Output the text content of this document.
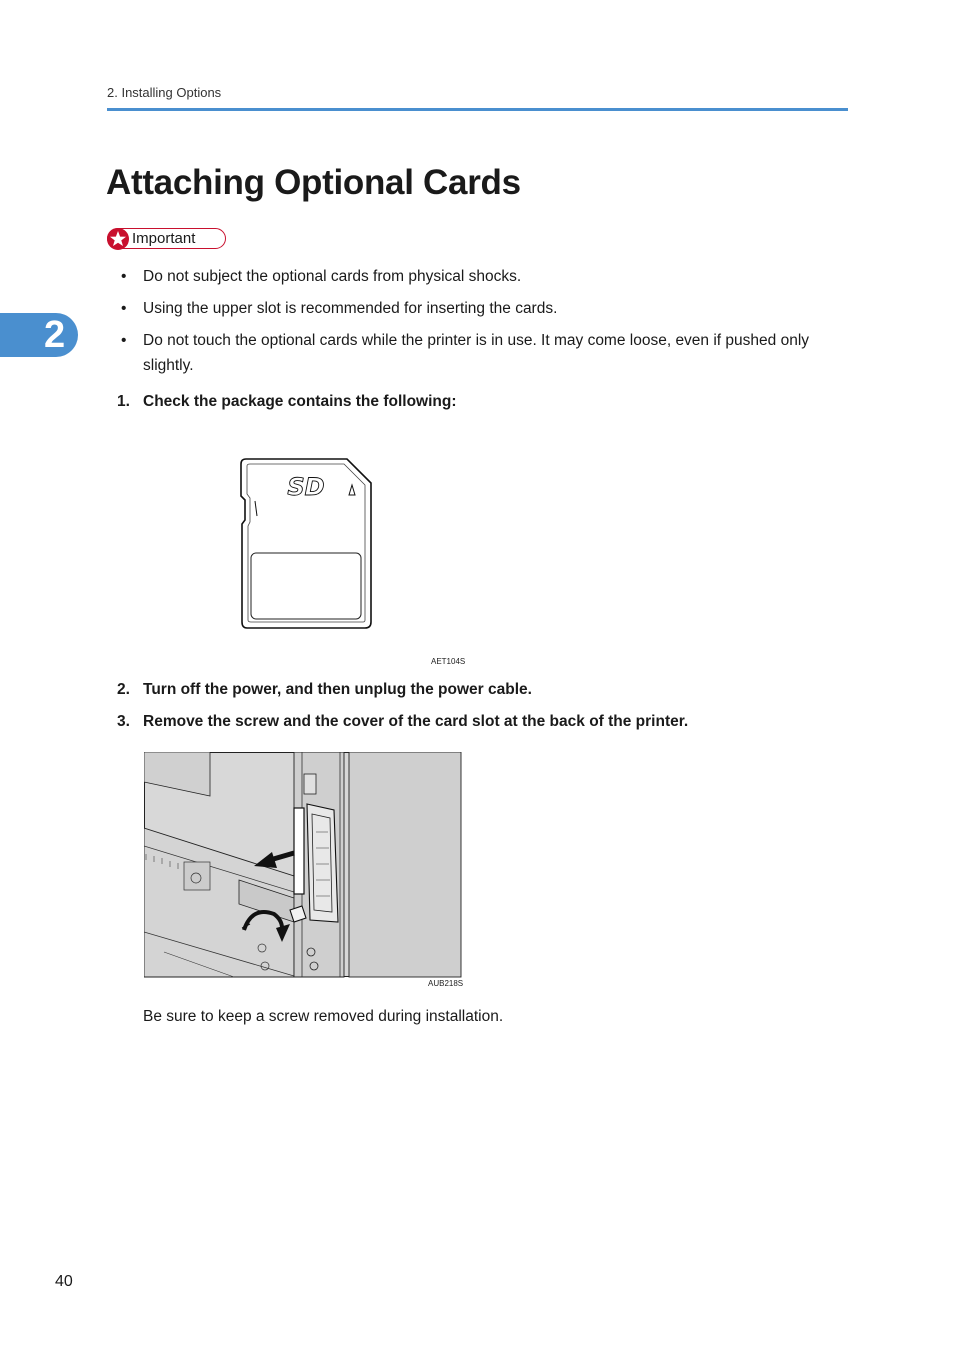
2. Installing Options
2
Attaching Optional Cards
Important
• Do not subject the optional cards from physical shocks.
• Using the upper slot is recommended for inserting the cards.
• Do not touch the optional cards while the printer is in use. It may come loose, even if pushed only slightly.
1. Check the package contains the following:
SD
AET104S
2. Turn off the power, and then unplug the power cable.
3. Remove the screw and the cover of the card slot at the back of the printer.
AUB218S
Be sure to keep a screw removed during installation.
40
